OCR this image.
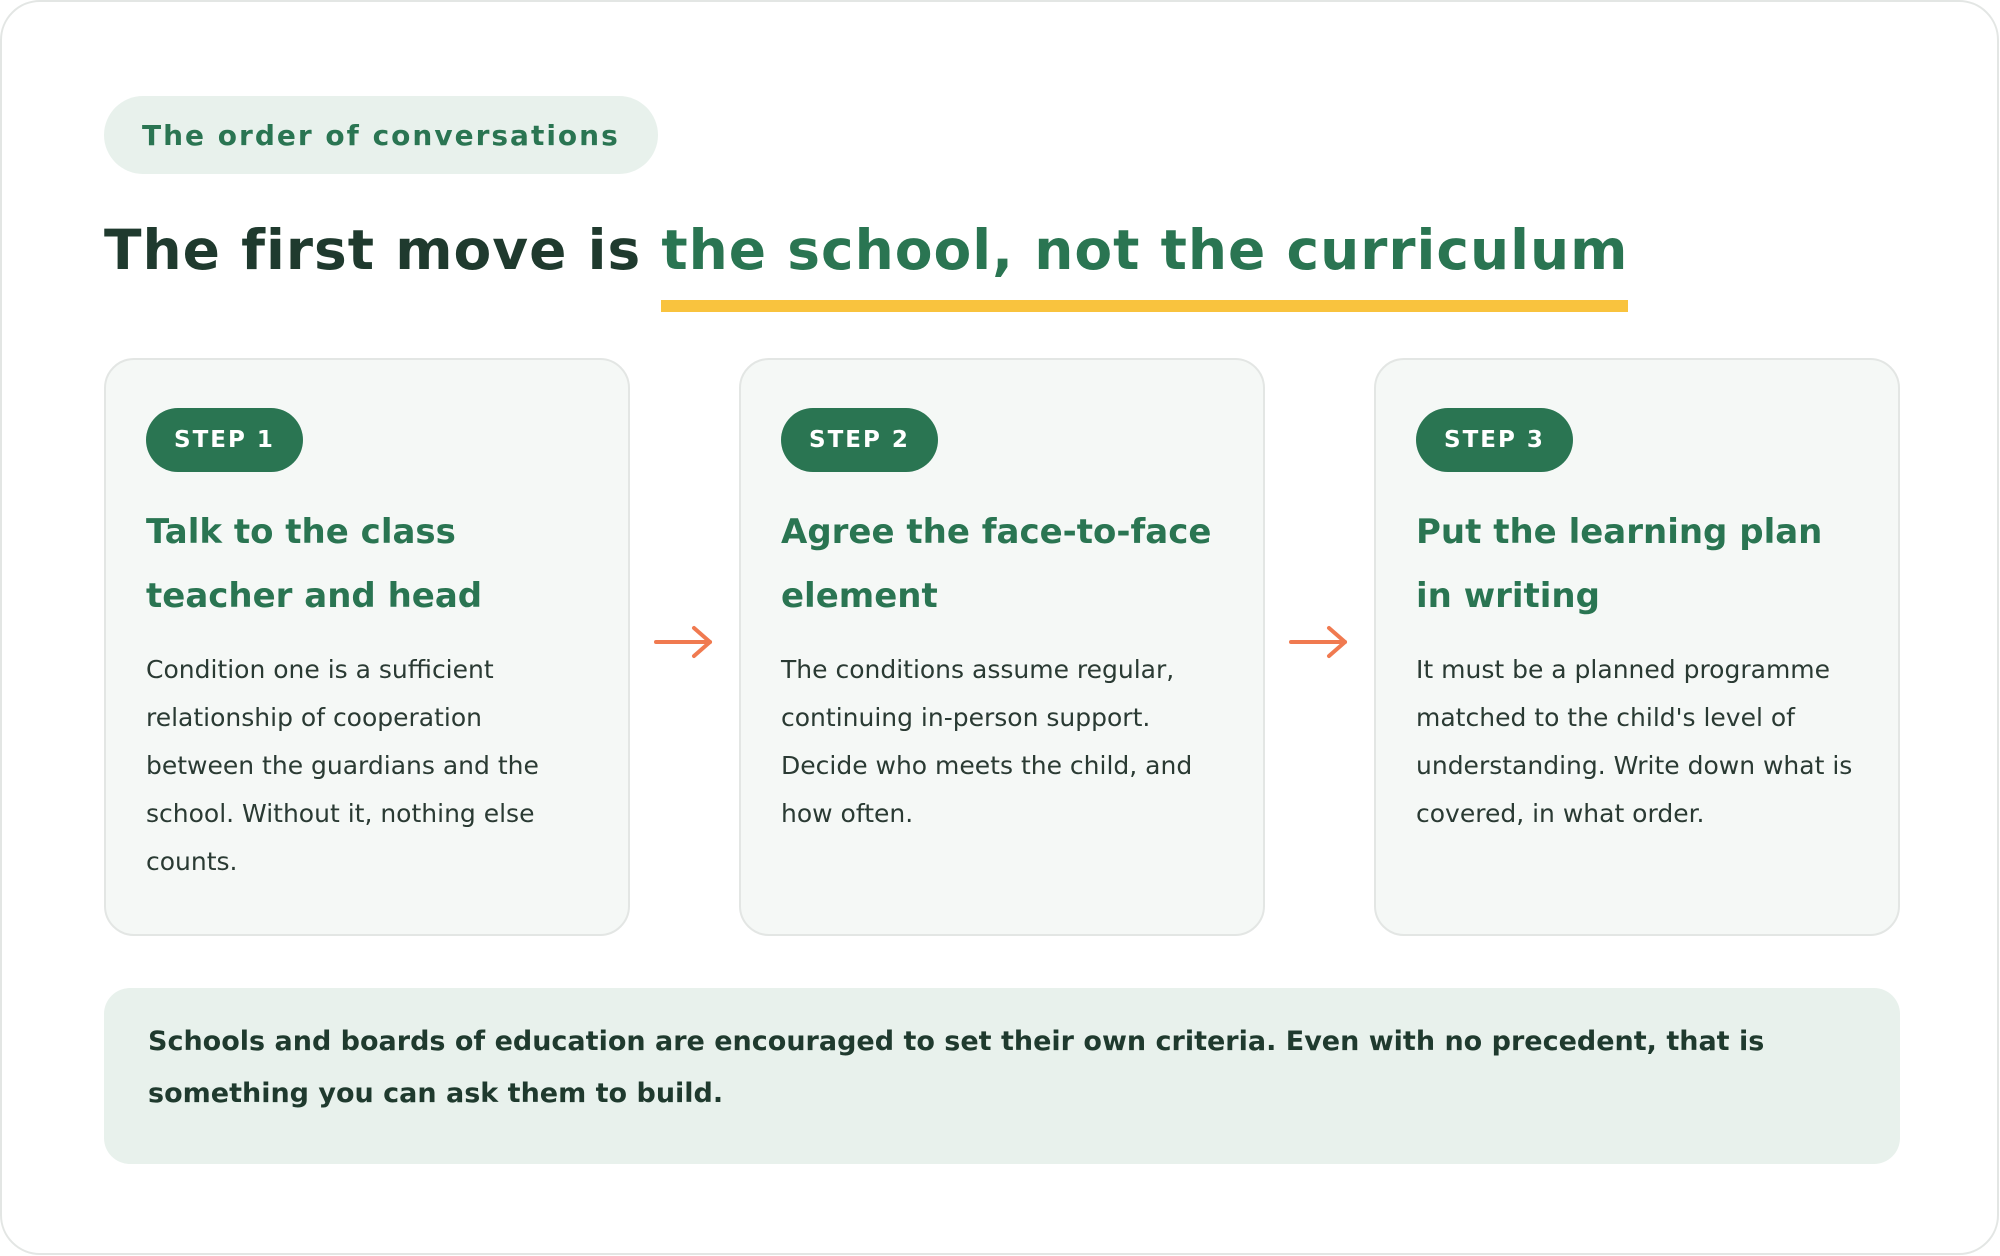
The order of conversations
The first move is the school, not the curriculum
STEP 1
Talk to the class teacher and head
Condition one is a sufficient relationship of cooperation between the guardians and the school. Without it, nothing else counts.
STEP 2
Agree the face-to-face element
The conditions assume regular, continuing in-person support. Decide who meets the child, and how often.
STEP 3
Put the learning plan in writing
It must be a planned programme matched to the child's level of understanding. Write down what is covered, in what order.
Schools and boards of education are encouraged to set their own criteria. Even with no precedent, that is something you can ask them to build.
